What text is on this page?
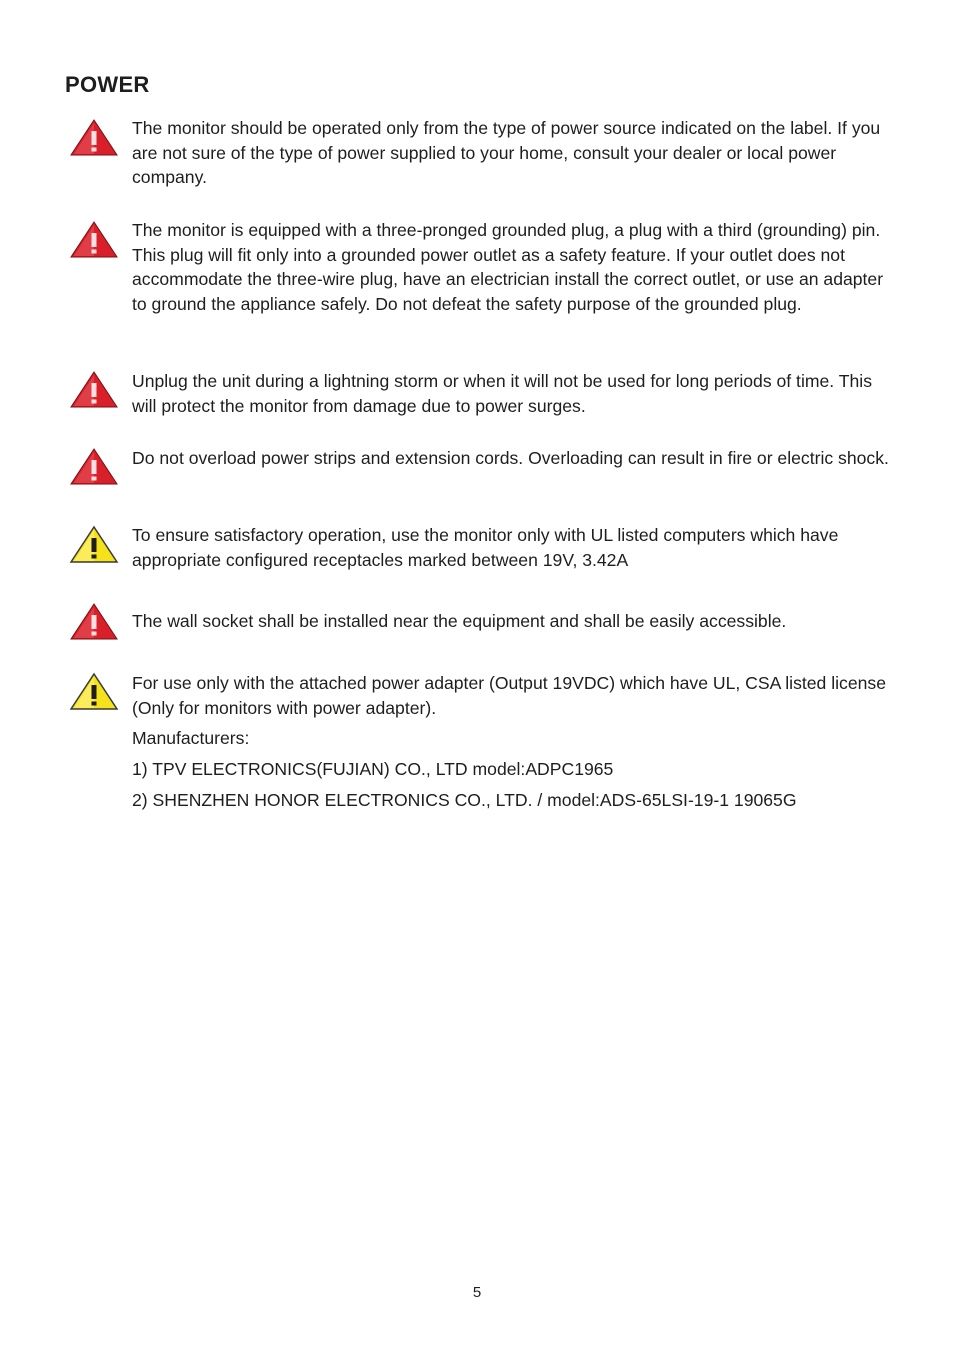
POWER

The monitor should be operated only from the type of power source indicated on the label. If you are not sure of the type of power supplied to your home, consult your dealer or local power company.

The monitor is equipped with a three-pronged grounded plug, a plug with a third (grounding) pin. This plug will fit only into a grounded power outlet as a safety feature. If your outlet does not accommodate the three-wire plug, have an electrician install the correct outlet, or use an adapter to ground the appliance safely. Do not defeat the safety purpose of the grounded plug.

Unplug the unit during a lightning storm or when it will not be used for long periods of time. This will protect the monitor from damage due to power surges.

Do not overload power strips and extension cords. Overloading can result in fire or electric shock.

To ensure satisfactory operation, use the monitor only with UL listed computers which have appropriate configured receptacles marked between 19V, 3.42A

The wall socket shall be installed near the equipment and shall be easily accessible.

For use only with the attached power adapter (Output 19VDC) which have UL, CSA listed license (Only for monitors with power adapter).

Manufacturers:

1) TPV ELECTRONICS(FUJIAN) CO., LTD model:ADPC1965

2) SHENZHEN HONOR ELECTRONICS CO., LTD. / model:ADS-65LSI-19-1 19065G

5
